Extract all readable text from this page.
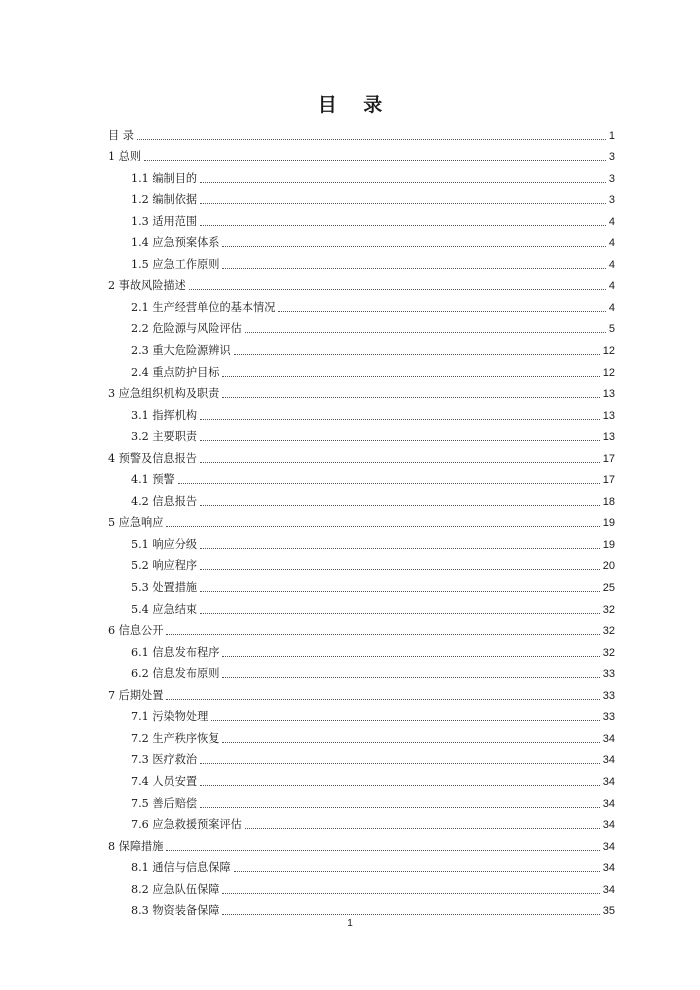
目 录
目 录	1
1 总则	3
1.1 编制目的	3
1.2 编制依据	3
1.3 适用范围	4
1.4 应急预案体系	4
1.5 应急工作原则	4
2 事故风险描述	4
2.1 生产经营单位的基本情况	4
2.2 危险源与风险评估	5
2.3 重大危险源辨识	12
2.4 重点防护目标	12
3 应急组织机构及职责	13
3.1 指挥机构	13
3.2 主要职责	13
4 预警及信息报告	17
4.1 预警	17
4.2 信息报告	18
5 应急响应	19
5.1 响应分级	19
5.2 响应程序	20
5.3 处置措施	25
5.4 应急结束	32
6 信息公开	32
6.1 信息发布程序	32
6.2 信息发布原则	33
7 后期处置	33
7.1 污染物处理	33
7.2 生产秩序恢复	34
7.3 医疗救治	34
7.4 人员安置	34
7.5 善后赔偿	34
7.6 应急救援预案评估	34
8 保障措施	34
8.1 通信与信息保障	34
8.2 应急队伍保障	34
8.3 物资装备保障	35
1
